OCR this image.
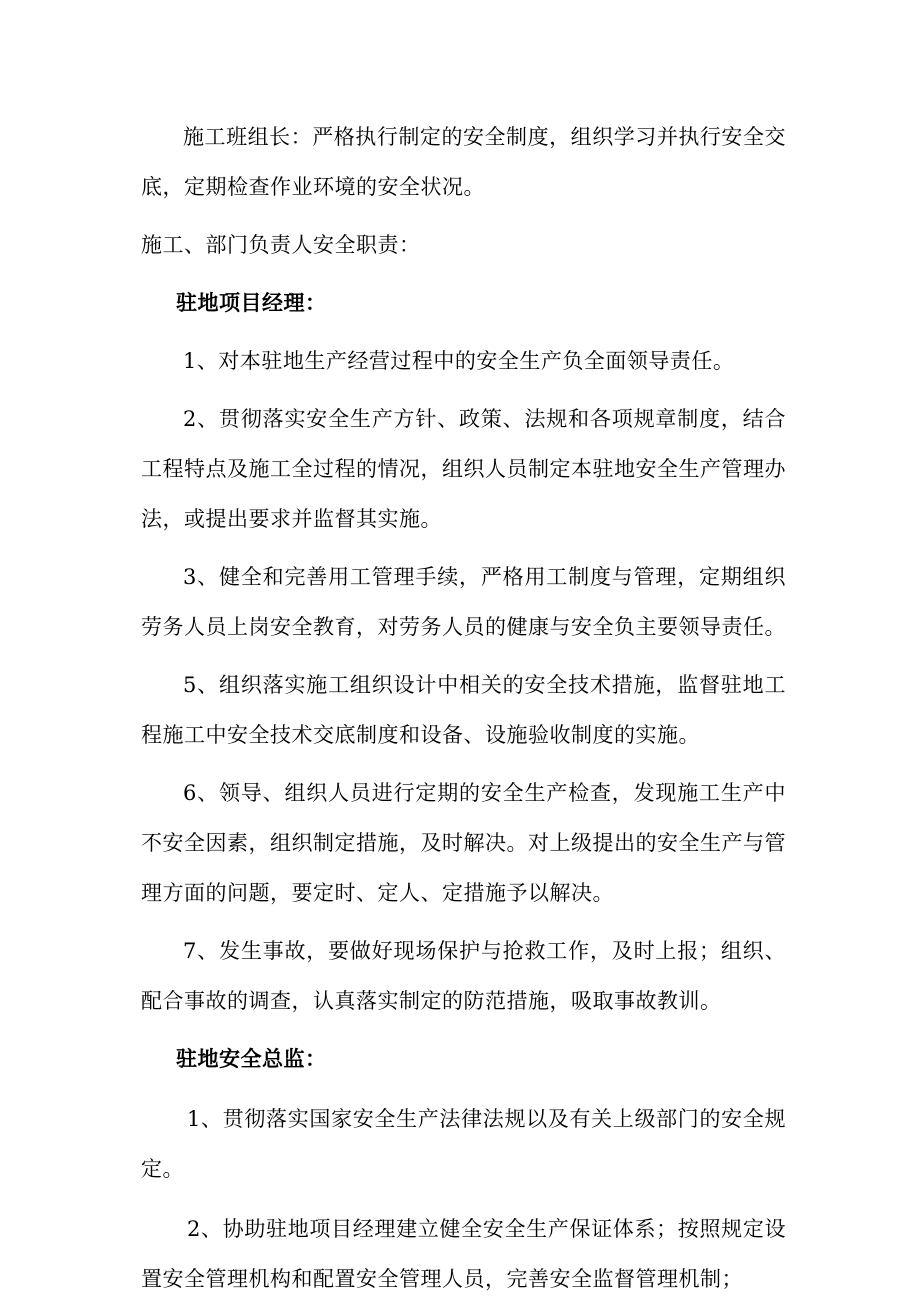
施工班组长：严格执行制定的安全制度，组织学习并执行安全交底，定期检查作业环境的安全状况。

施工、部门负责人安全职责：

驻地项目经理：

1、对本驻地生产经营过程中的安全生产负全面领导责任。

2、贯彻落实安全生产方针、政策、法规和各项规章制度，结合工程特点及施工全过程的情况，组织人员制定本驻地安全生产管理办法，或提出要求并监督其实施。

3、健全和完善用工管理手续，严格用工制度与管理，定期组织劳务人员上岗安全教育，对劳务人员的健康与安全负主要领导责任。

5、组织落实施工组织设计中相关的安全技术措施，监督驻地工程施工中安全技术交底制度和设备、设施验收制度的实施。

6、领导、组织人员进行定期的安全生产检查，发现施工生产中不安全因素，组织制定措施，及时解决。对上级提出的安全生产与管理方面的问题，要定时、定人、定措施予以解决。

7、发生事故，要做好现场保护与抢救工作，及时上报；组织、配合事故的调查，认真落实制定的防范措施，吸取事故教训。

驻地安全总监：

1、贯彻落实国家安全生产法律法规以及有关上级部门的安全规定。

2、协助驻地项目经理建立健全安全生产保证体系；按照规定设置安全管理机构和配置安全管理人员，完善安全监督管理机制；
